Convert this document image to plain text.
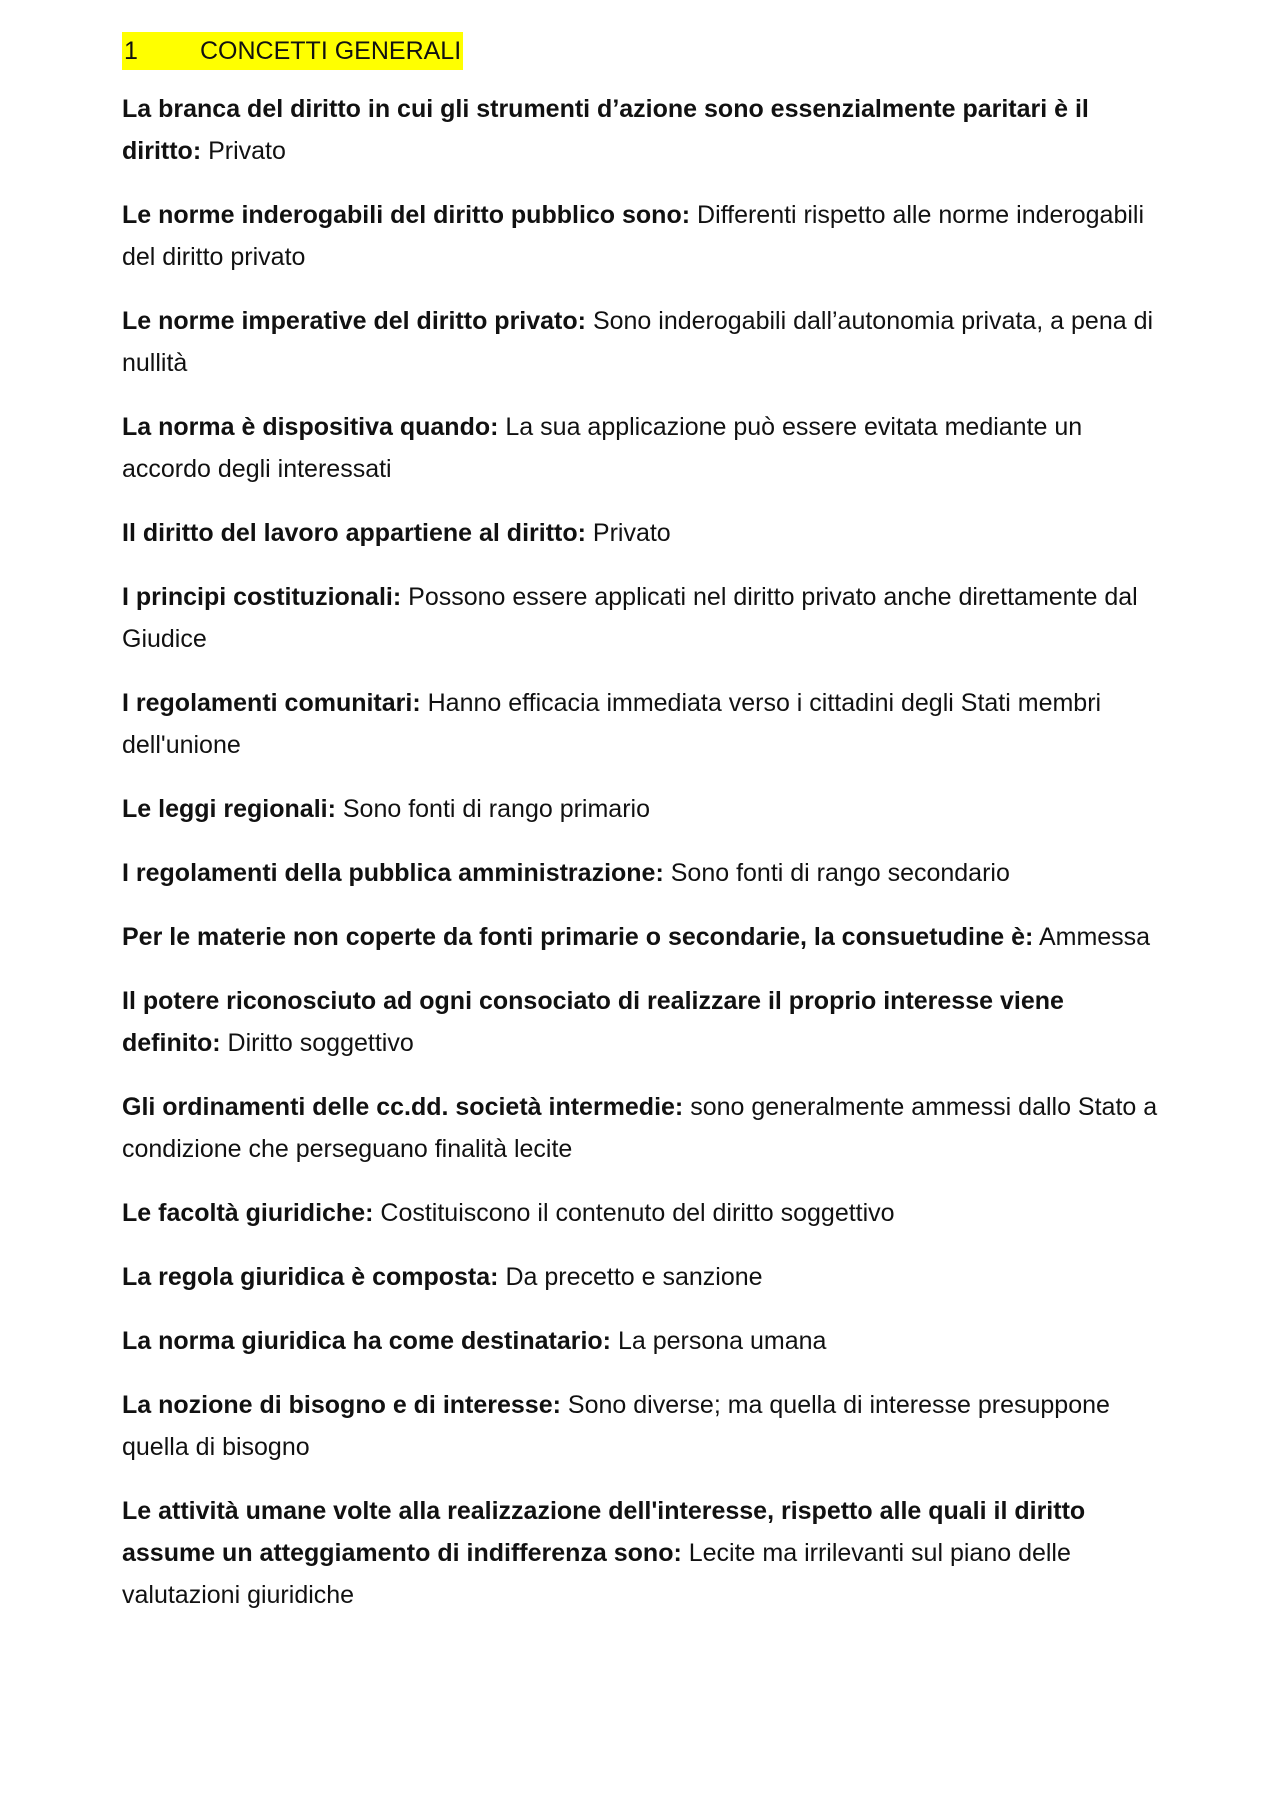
1 CONCETTI GENERALI

La branca del diritto in cui gli strumenti d’azione sono essenzialmente paritari è il diritto: Privato

Le norme inderogabili del diritto pubblico sono: Differenti rispetto alle norme inderogabili del diritto privato

Le norme imperative del diritto privato: Sono inderogabili dall’autonomia privata, a pena di nullità

La norma è dispositiva quando: La sua applicazione può essere evitata mediante un accordo degli interessati

Il diritto del lavoro appartiene al diritto: Privato

I principi costituzionali: Possono essere applicati nel diritto privato anche direttamente dal Giudice

I regolamenti comunitari: Hanno efficacia immediata verso i cittadini degli Stati membri dell'unione

Le leggi regionali: Sono fonti di rango primario

I regolamenti della pubblica amministrazione: Sono fonti di rango secondario

Per le materie non coperte da fonti primarie o secondarie, la consuetudine è: Ammessa

Il potere riconosciuto ad ogni consociato di realizzare il proprio interesse viene definito: Diritto soggettivo

Gli ordinamenti delle cc.dd. società intermedie: sono generalmente ammessi dallo Stato a condizione che perseguano finalità lecite

Le facoltà giuridiche: Costituiscono il contenuto del diritto soggettivo

La regola giuridica è composta: Da precetto e sanzione

La norma giuridica ha come destinatario: La persona umana

La nozione di bisogno e di interesse: Sono diverse; ma quella di interesse presuppone quella di bisogno

Le attività umane volte alla realizzazione dell'interesse, rispetto alle quali il diritto assume un atteggiamento di indifferenza sono: Lecite ma irrilevanti sul piano delle valutazioni giuridiche
